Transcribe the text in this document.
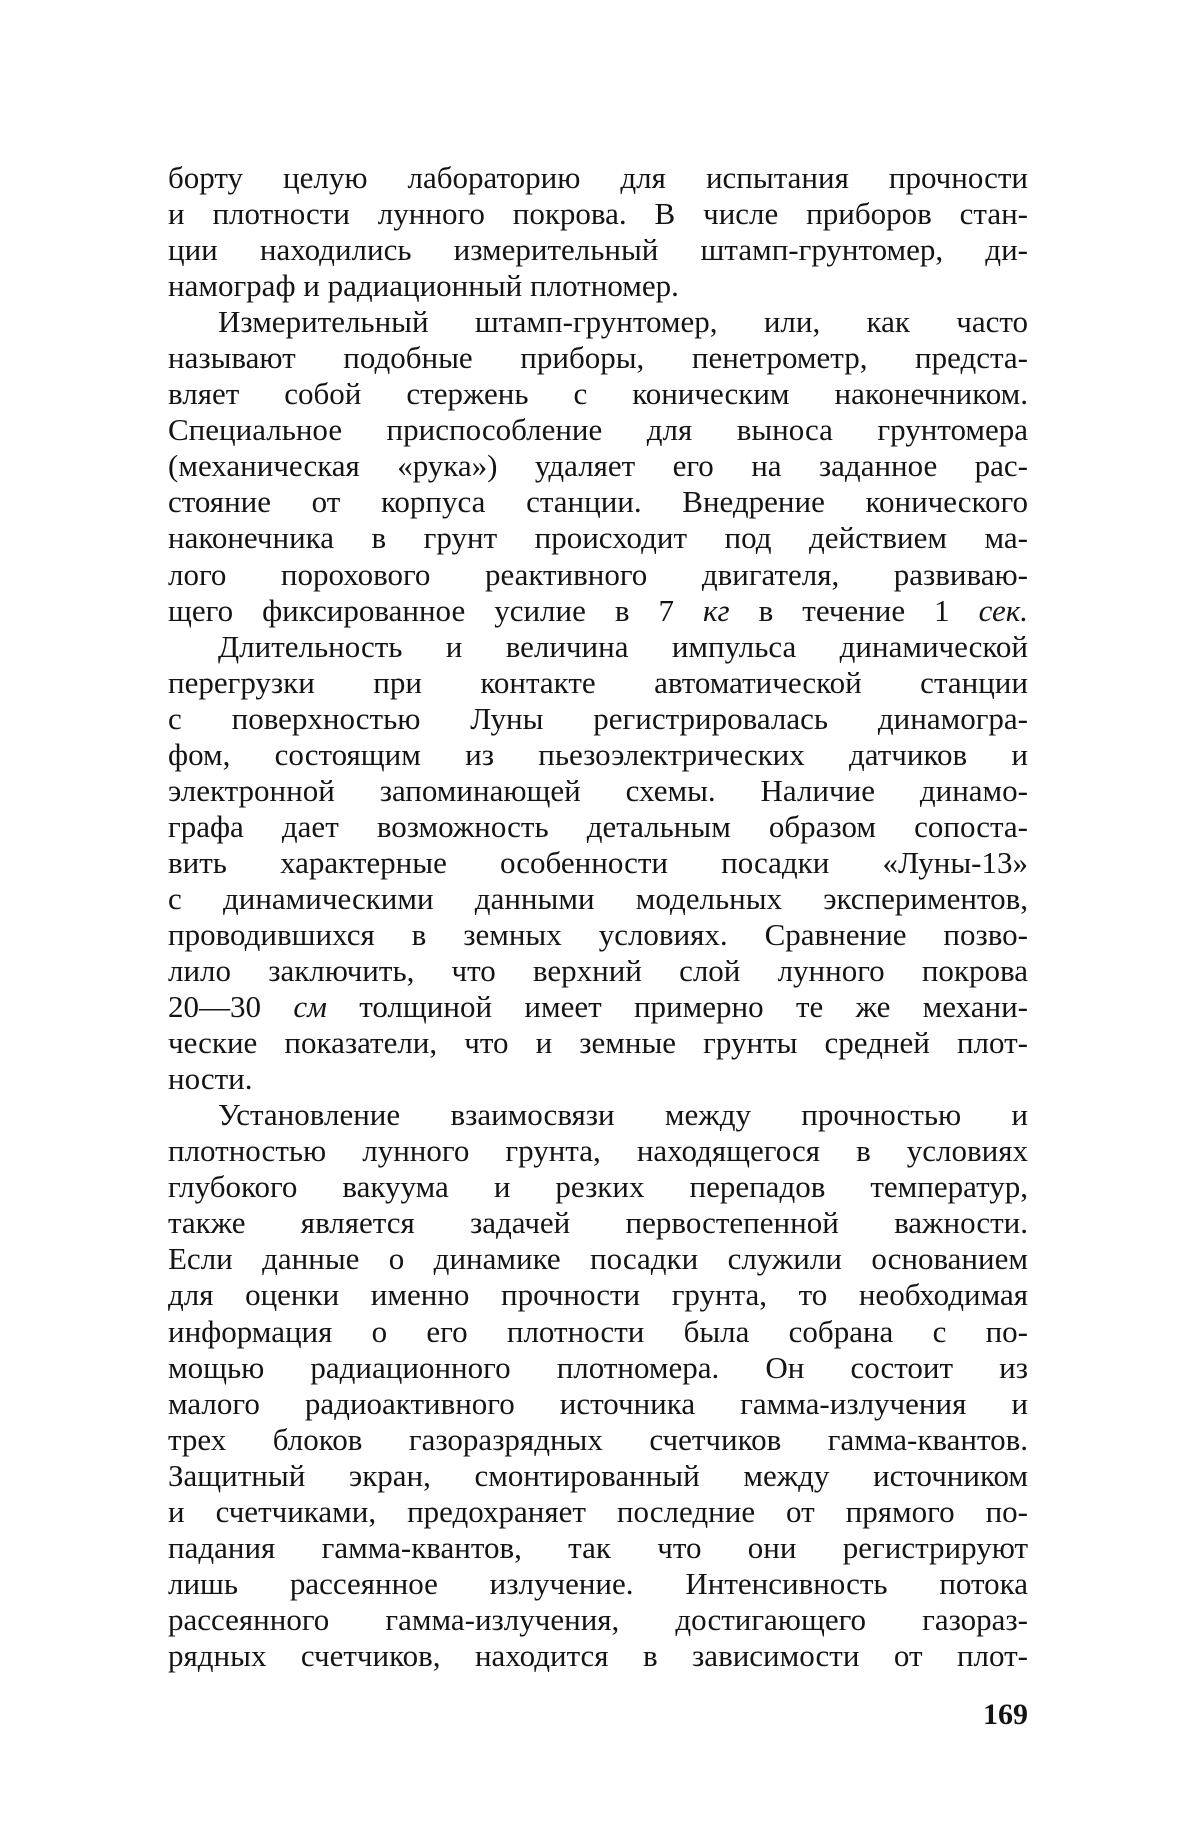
борту целую лабораторию для испытания прочности
и плотности лунного покрова. В числе приборов стан-
ции находились измерительный штамп-грунтомер, ди-
намограф и радиационный плотномер.
Измерительный штамп-грунтомер, или, как часто
называют подобные приборы, пенетрометр, предста-
вляет собой стержень с коническим наконечником.
Специальное приспособление для выноса грунтомера
(механическая «рука») удаляет его на заданное рас-
стояние от корпуса станции. Внедрение конического
наконечника в грунт происходит под действием ма-
лого порохового реактивного двигателя, развиваю-
щего фиксированное усилие в 7 кг в течение 1 сек.
Длительность и величина импульса динамической
перегрузки при контакте автоматической станции
с поверхностью Луны регистрировалась динамогра-
фом, состоящим из пьезоэлектрических датчиков и
электронной запоминающей схемы. Наличие динамо-
графа дает возможность детальным образом сопоста-
вить характерные особенности посадки «Луны-13»
с динамическими данными модельных экспериментов,
проводившихся в земных условиях. Сравнение позво-
лило заключить, что верхний слой лунного покрова
20—30 см толщиной имеет примерно те же механи-
ческие показатели, что и земные грунты средней плот-
ности.
Установление взаимосвязи между прочностью и
плотностью лунного грунта, находящегося в условиях
глубокого вакуума и резких перепадов температур,
также является задачей первостепенной важности.
Если данные о динамике посадки служили основанием
для оценки именно прочности грунта, то необходимая
информация о его плотности была собрана с по-
мощью радиационного плотномера. Он состоит из
малого радиоактивного источника гамма-излучения и
трех блоков газоразрядных счетчиков гамма-квантов.
Защитный экран, смонтированный между источником
и счетчиками, предохраняет последние от прямого по-
падания гамма-квантов, так что они регистрируют
лишь рассеянное излучение. Интенсивность потока
рассеянного гамма-излучения, достигающего газораз-
рядных счетчиков, находится в зависимости от плот-
169
